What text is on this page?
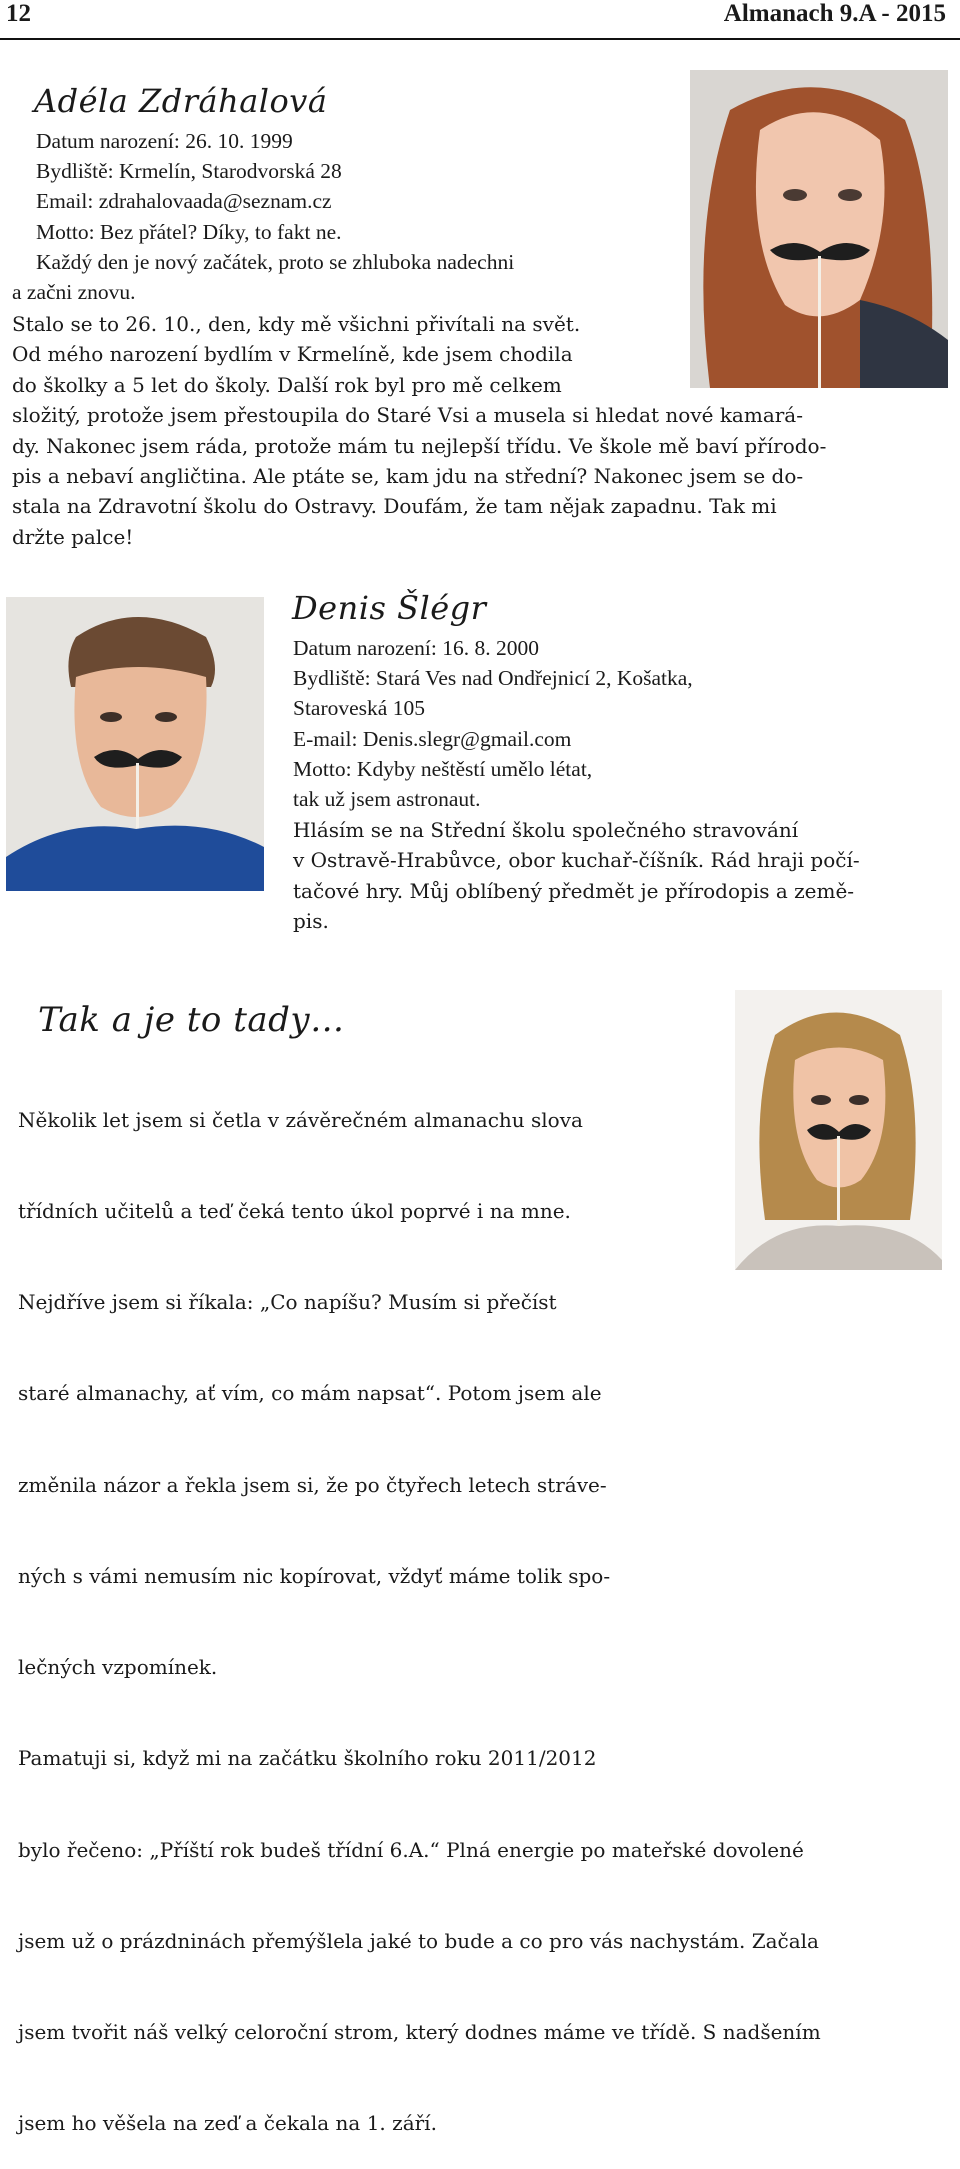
12	Almanach 9.A - 2015
Adéla Zdráhalová
Datum narození: 26. 10. 1999
Bydliště: Krmelín, Starodvorská 28
Email: zdrahalovaada@seznam.cz
Motto: Bez přátel? Díky, to fakt ne.
Každý den je nový začátek, proto se zhluboka nadechni
a začni znovu.
Stalo se to 26. 10., den, kdy mě všichni přivítali na svět.
Od mého narození bydlím v Krmelíně, kde jsem chodila
do školky a 5 let do školy. Další rok byl pro mě celkem
složitý, protože jsem přestoupila do Staré Vsi a musela si hledat nové kamará-
dy. Nakonec jsem ráda, protože mám tu nejlepší třídu. Ve škole mě baví přírodo-
pis a nebaví angličtina. Ale ptáte se, kam jdu na střední? Nakonec jsem se do-
stala na Zdravotní školu do Ostravy. Doufám, že tam nějak zapadnu. Tak mi
držte palce!
Denis Šlégr
Datum narození: 16. 8. 2000
Bydliště: Stará Ves nad Ondřejnicí 2, Košatka,
Staroveská 105
E-mail: Denis.slegr@gmail.com
Motto: Kdyby neštěstí umělo létat,
tak už jsem astronaut.
Hlásím se na Střední školu společného stravování
v Ostravě-Hrabůvce, obor kuchař-číšník. Rád hraji počí-
tačové hry. Můj oblíbený předmět je přírodopis a země-
pis.
Tak a je to tady…

Několik let jsem si četla v závěrečném almanachu slova

třídních učitelů a teď čeká tento úkol poprvé i na mne.

Nejdříve jsem si říkala: „Co napíšu? Musím si přečíst

staré almanachy, ať vím, co mám napsat“. Potom jsem ale

změnila názor a řekla jsem si, že po čtyřech letech stráve-

ných s vámi nemusím nic kopírovat, vždyť máme tolik spo-

lečných vzpomínek.

Pamatuji si, když mi na začátku školního roku 2011/2012

bylo řečeno: „Příští rok budeš třídní 6.A.“ Plná energie po mateřské dovolené

jsem už o prázdninách přemýšlela jaké to bude a co pro vás nachystám. Začala

jsem tvořit náš velký celoroční strom, který dodnes máme ve třídě. S nadšením

jsem ho věšela na zeď a čekala na 1. září.
